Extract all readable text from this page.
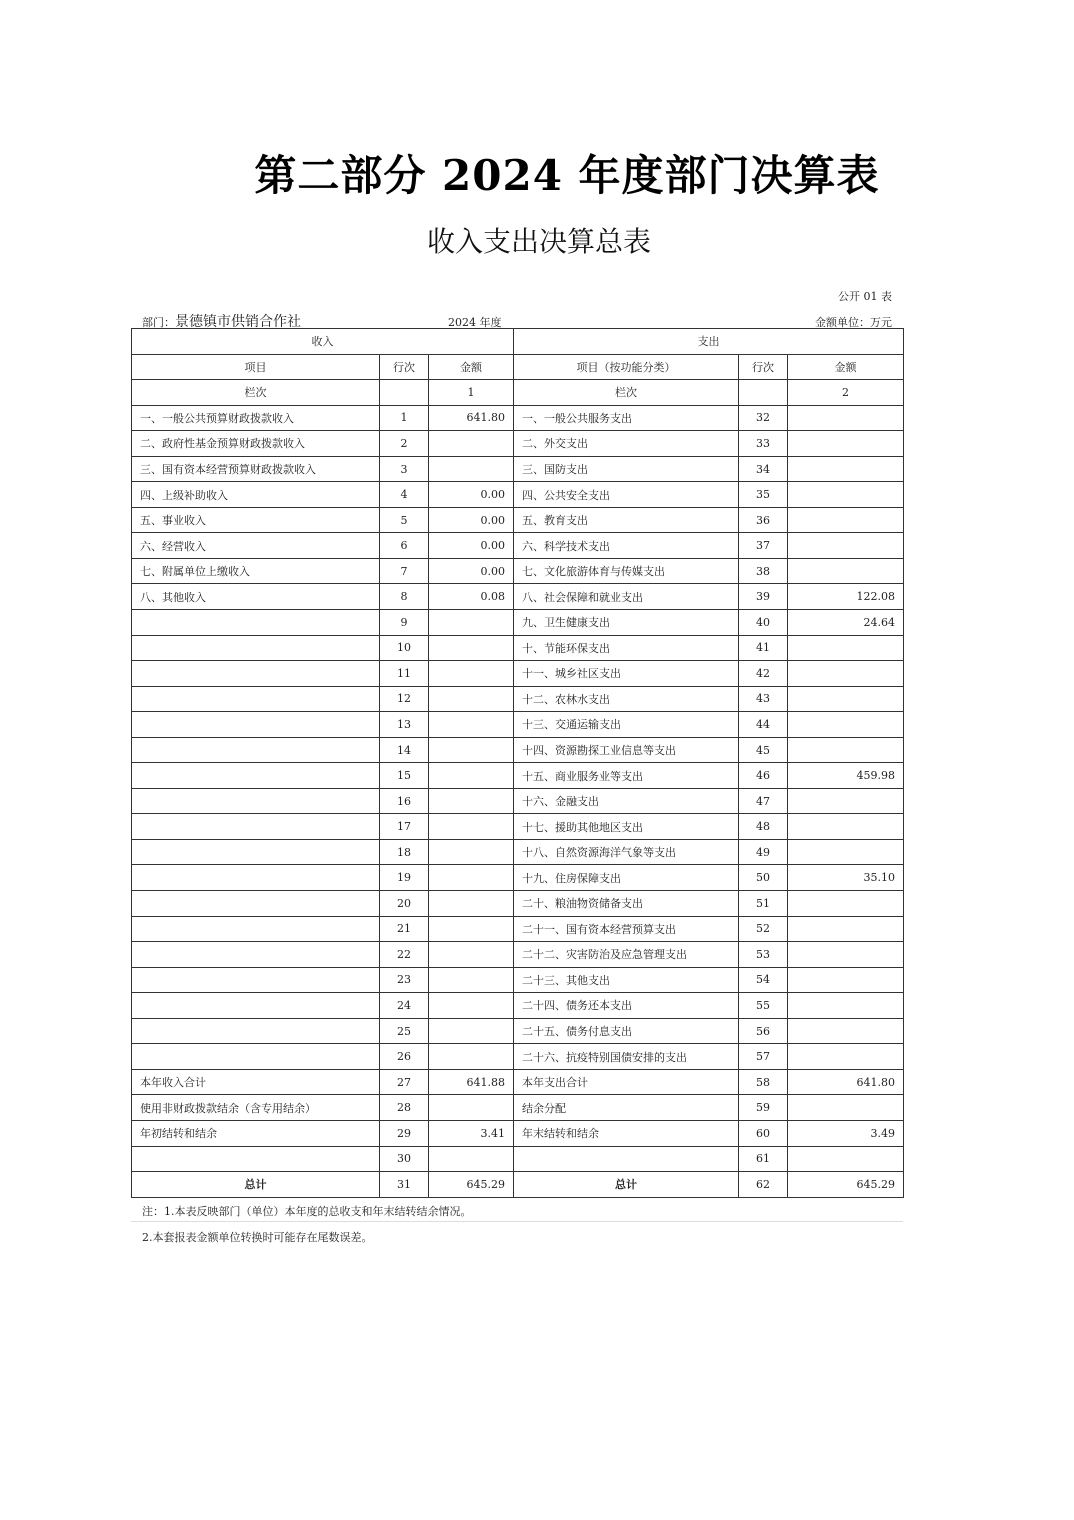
第二部分 2024 年度部门决算表
收入支出决算总表
公开 01 表
部门：景德镇市供销合作社	2024 年度	金额单位：万元
收入			支出		
项目	行次	金额	项目（按功能分类）	行次	金额
栏次		1	栏次		2
一、一般公共预算财政拨款收入	1	641.80	一、一般公共服务支出	32	
二、政府性基金预算财政拨款收入	2		二、外交支出	33	
三、国有资本经营预算财政拨款收入	3		三、国防支出	34	
四、上级补助收入	4	0.00	四、公共安全支出	35	
五、事业收入	5	0.00	五、教育支出	36	
六、经营收入	6	0.00	六、科学技术支出	37	
七、附属单位上缴收入	7	0.00	七、文化旅游体育与传媒支出	38	
八、其他收入	8	0.08	八、社会保障和就业支出	39	122.08
	9		九、卫生健康支出	40	24.64
	10		十、节能环保支出	41	
	11		十一、城乡社区支出	42	
	12		十二、农林水支出	43	
	13		十三、交通运输支出	44	
	14		十四、资源勘探工业信息等支出	45	
	15		十五、商业服务业等支出	46	459.98
	16		十六、金融支出	47	
	17		十七、援助其他地区支出	48	
	18		十八、自然资源海洋气象等支出	49	
	19		十九、住房保障支出	50	35.10
	20		二十、粮油物资储备支出	51	
	21		二十一、国有资本经营预算支出	52	
	22		二十二、灾害防治及应急管理支出	53	
	23		二十三、其他支出	54	
	24		二十四、债务还本支出	55	
	25		二十五、债务付息支出	56	
	26		二十六、抗疫特别国债安排的支出	57	
本年收入合计	27	641.88	本年支出合计	58	641.80
使用非财政拨款结余（含专用结余）	28		结余分配	59	
年初结转和结余	29	3.41	年末结转和结余	60	3.49
	30			61	
总计	31	645.29	总计	62	645.29
注：1.本表反映部门（单位）本年度的总收支和年末结转结余情况。
2.本套报表金额单位转换时可能存在尾数误差。
